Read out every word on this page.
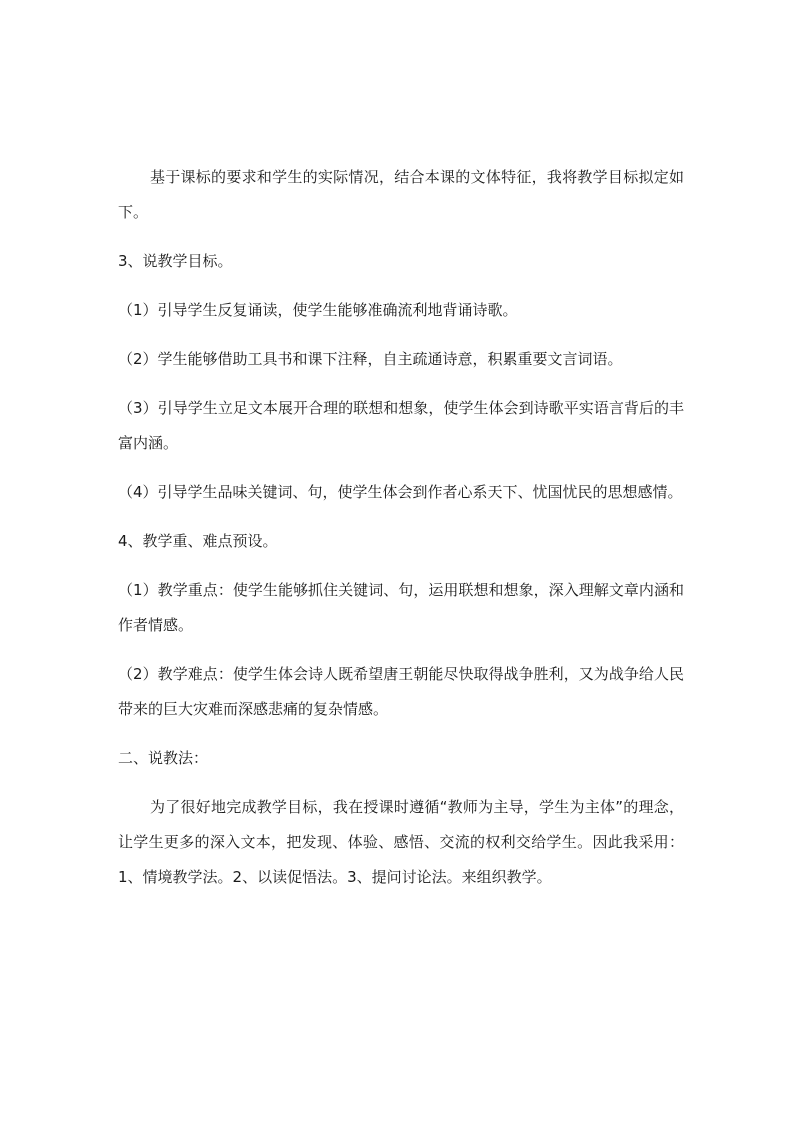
基于课标的要求和学生的实际情况，结合本课的文体特征，我将教学目标拟定如下。

3、说教学目标。

（1）引导学生反复诵读，使学生能够准确流利地背诵诗歌。

（2）学生能够借助工具书和课下注释，自主疏通诗意，积累重要文言词语。

（3）引导学生立足文本展开合理的联想和想象，使学生体会到诗歌平实语言背后的丰富内涵。

（4）引导学生品味关键词、句，使学生体会到作者心系天下、忧国忧民的思想感情。

4、教学重、难点预设。

（1）教学重点：使学生能够抓住关键词、句，运用联想和想象，深入理解文章内涵和作者情感。

（2）教学难点：使学生体会诗人既希望唐王朝能尽快取得战争胜利，又为战争给人民带来的巨大灾难而深感悲痛的复杂情感。

二、说教法：

为了很好地完成教学目标，我在授课时遵循“教师为主导，学生为主体”的理念，让学生更多的深入文本，把发现、体验、感悟、交流的权利交给学生。因此我采用：1、情境教学法。2、以读促悟法。3、提问讨论法。来组织教学。
